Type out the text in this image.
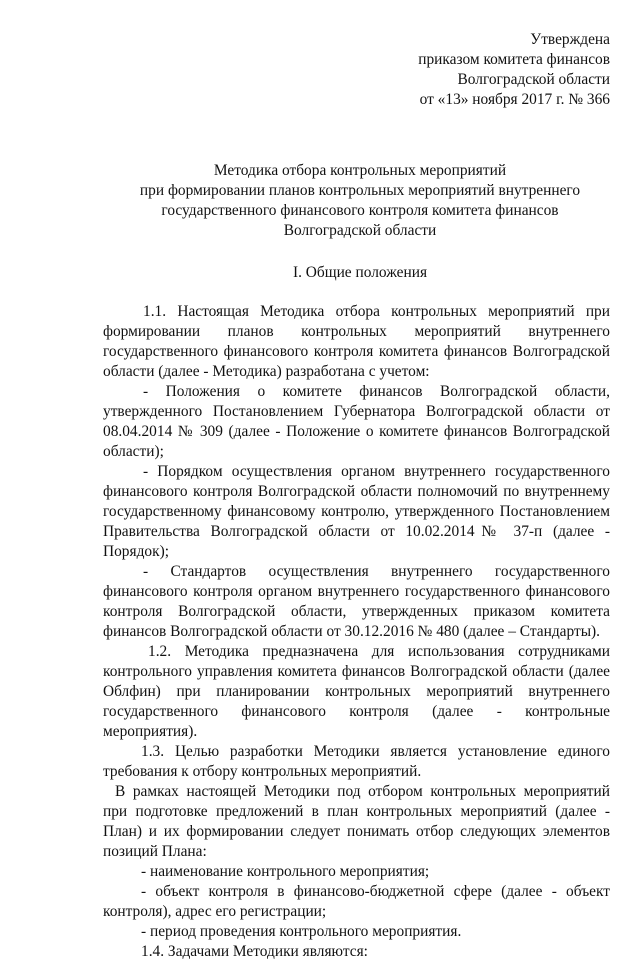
Утверждена
приказом комитета финансов
Волгоградской области
от «13» ноября 2017 г. № 366
Методика отбора контрольных мероприятий
при формировании планов контрольных мероприятий внутреннего
государственного финансового контроля комитета финансов
Волгоградской области
I. Общие положения

1.1. Настоящая Методика отбора контрольных мероприятий при формировании планов контрольных мероприятий внутреннего государственного финансового контроля комитета финансов Волгоградской области (далее - Методика) разработана с учетом:

- Положения о комитете финансов Волгоградской области, утвержденного Постановлением Губернатора Волгоградской области от 08.04.2014 № 309 (далее - Положение о комитете финансов Волгоградской области);

- Порядком осуществления органом внутреннего государственного финансового контроля Волгоградской области полномочий по внутреннему государственному финансовому контролю, утвержденного Постановлением Правительства Волгоградской области от 10.02.2014№ 37-п (далее - Порядок);

- Стандартов осуществления внутреннего государственного финансового контроля органом внутреннего государственного финансового контроля Волгоградской области, утвержденных приказом комитета финансов Волгоградской области от 30.12.2016 № 480 (далее – Стандарты).

1.2. Методика предназначена для использования сотрудниками контрольного управления комитета финансов Волгоградской области (далее Облфин) при планировании контрольных мероприятий внутреннего государственного финансового контроля (далее - контрольные мероприятия).

1.3. Целью разработки Методики является установление единого требования к отбору контрольных мероприятий.

В рамках настоящей Методики под отбором контрольных мероприятий при подготовке предложений в план контрольных мероприятий (далее - План) и их формировании следует понимать отбор следующих элементов позиций Плана:

- наименование контрольного мероприятия;

- объект контроля в финансово-бюджетной сфере (далее - объект контроля), адрес его регистрации;

- период проведения контрольного мероприятия.

1.4. Задачами Методики являются:
